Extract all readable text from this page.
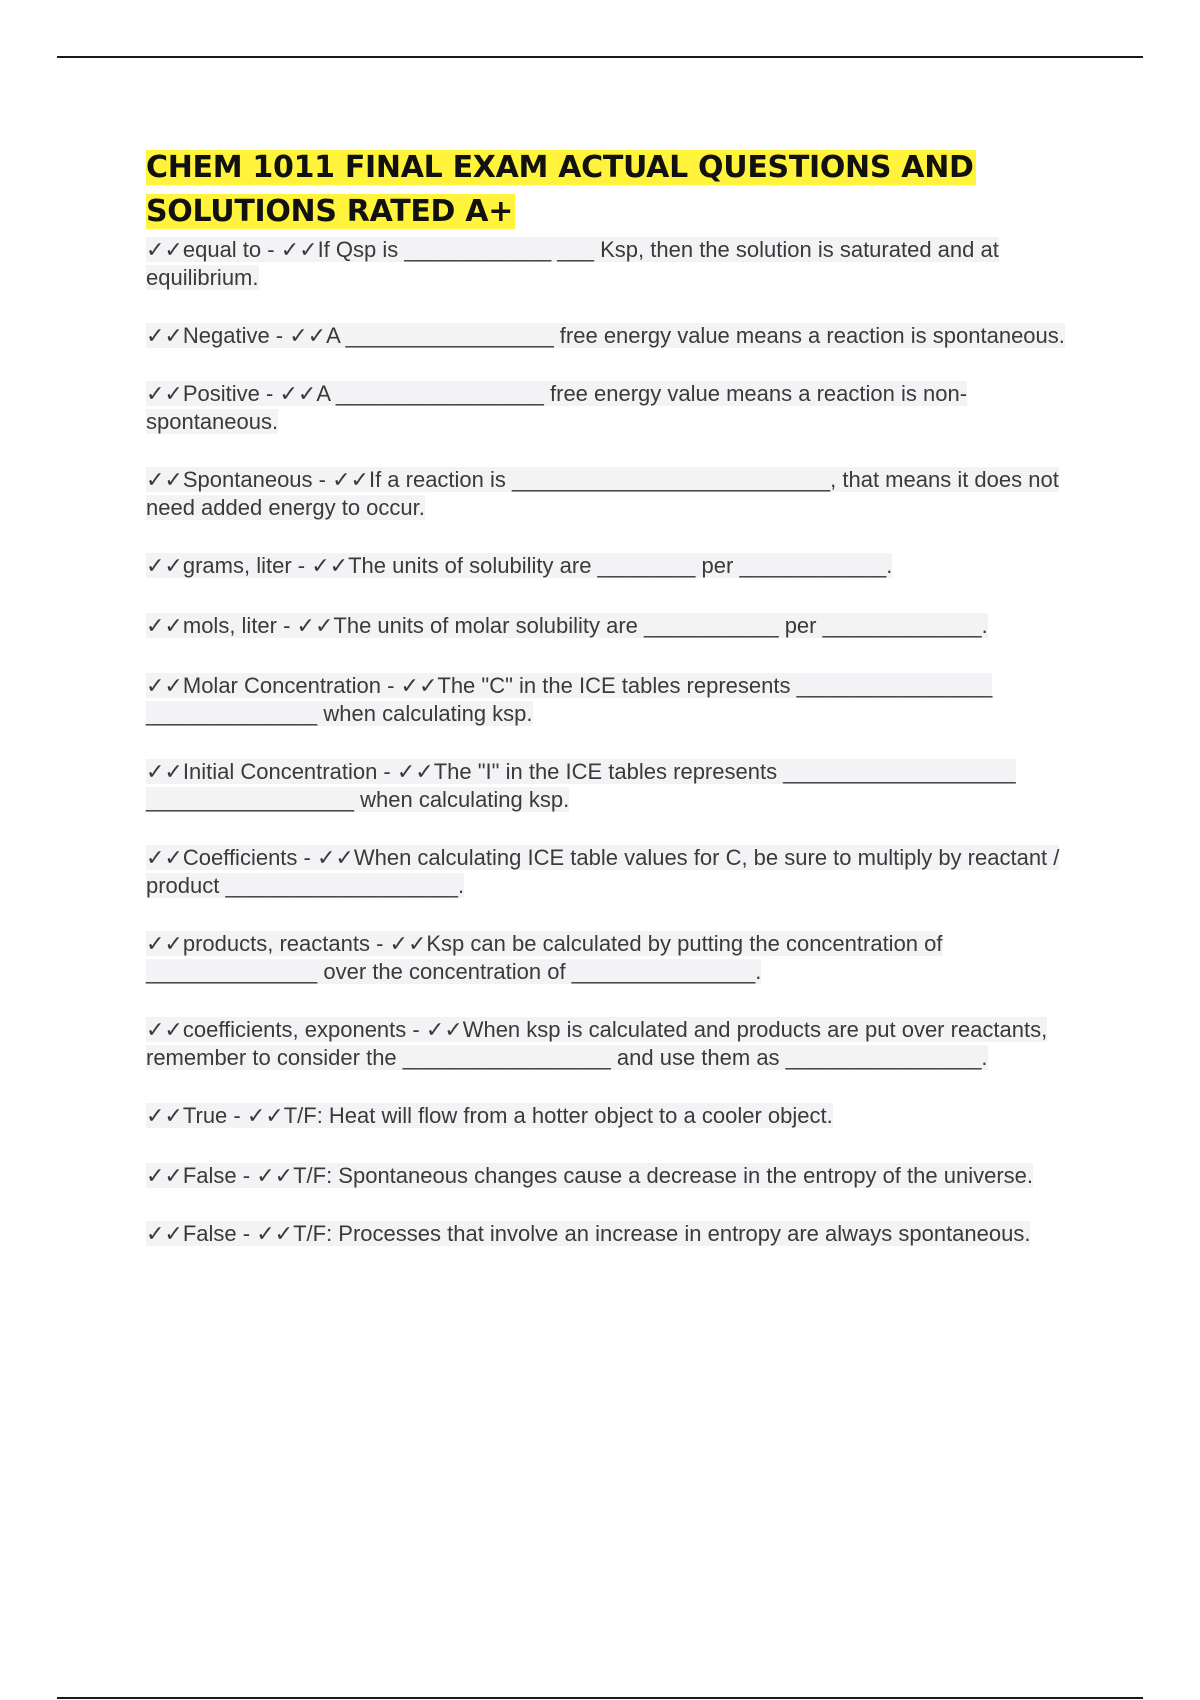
CHEM 1011 FINAL EXAM ACTUAL QUESTIONS AND SOLUTIONS RATED A+

✓✓equal to - ✓✓If Qsp is ____________ ___ Ksp, then the solution is saturated and at equilibrium.

✓✓Negative - ✓✓A _________________ free energy value means a reaction is spontaneous.

✓✓Positive - ✓✓A _________________ free energy value means a reaction is non-spontaneous.

✓✓Spontaneous - ✓✓If a reaction is __________________________, that means it does not need added energy to occur.

✓✓grams, liter - ✓✓The units of solubility are ________ per ____________.

✓✓mols, liter - ✓✓The units of molar solubility are ___________ per _____________.

✓✓Molar Concentration - ✓✓The "C" in the ICE tables represents ________________ ______________ when calculating ksp.

✓✓Initial Concentration - ✓✓The "I" in the ICE tables represents ___________________ _________________ when calculating ksp.

✓✓Coefficients - ✓✓When calculating ICE table values for C, be sure to multiply by reactant / product ___________________.

✓✓products, reactants - ✓✓Ksp can be calculated by putting the concentration of ______________ over the concentration of _______________.

✓✓coefficients, exponents - ✓✓When ksp is calculated and products are put over reactants, remember to consider the _________________ and use them as ________________.

✓✓True - ✓✓T/F: Heat will flow from a hotter object to a cooler object.

✓✓False - ✓✓T/F: Spontaneous changes cause a decrease in the entropy of the universe.

✓✓False - ✓✓T/F: Processes that involve an increase in entropy are always spontaneous.
